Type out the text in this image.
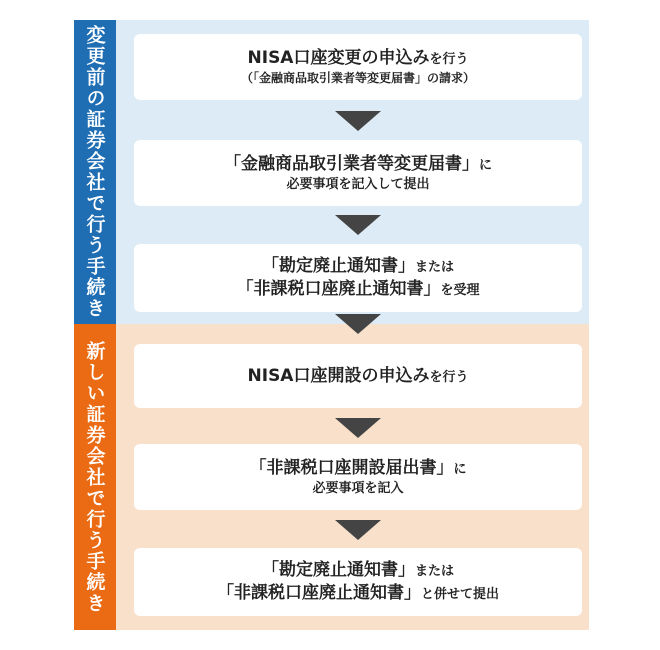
変更前の証券会社で行う手続き	NISA口座変更の申込みを行う
（「金融商品取引業者等変更届書」の請求）
「金融商品取引業者等変更届書」に
必要事項を記入して提出
「勘定廃止通知書」または
「非課税口座廃止通知書」を受理
新しい証券会社で行う手続き	NISA口座開設の申込みを行う
「非課税口座開設届出書」に
必要事項を記入
「勘定廃止通知書」または
「非課税口座廃止通知書」と併せて提出
